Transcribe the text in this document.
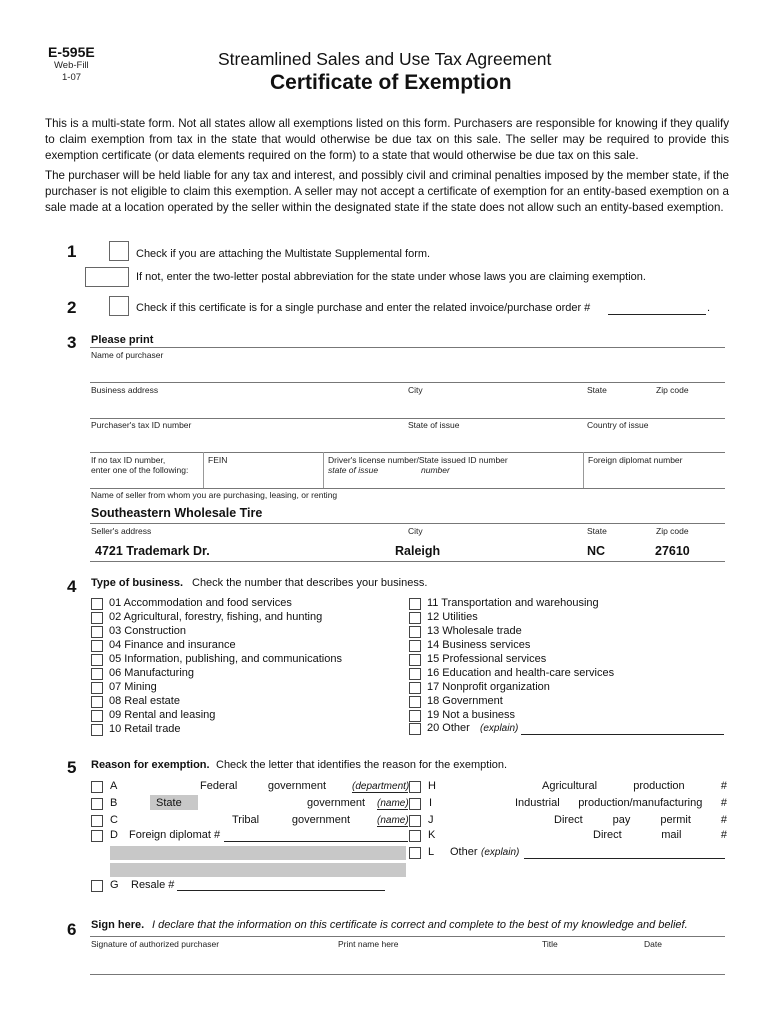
E-595E
Web-Fill
1-07
Streamlined Sales and Use Tax Agreement
Certificate of Exemption
This is a multi-state form. Not all states allow all exemptions listed on this form. Purchasers are responsible for knowing if they qualify to claim exemption from tax in the state that would otherwise be due tax on this sale. The seller may be required to provide this exemption certificate (or data elements required on the form) to a state that would otherwise be due tax on this sale.
The purchaser will be held liable for any tax and interest, and possibly civil and criminal penalties imposed by the member state, if the purchaser is not eligible to claim this exemption. A seller may not accept a certificate of exemption for an entity-based exemption on a sale made at a location operated by the seller within the designated state if the state does not allow such an entity-based exemption.
1	Check if you are attaching the Multistate Supplemental form.
If not, enter the two-letter postal abbreviation for the state under whose laws you are claiming exemption.
2	Check if this certificate is for a single purchase and enter the related invoice/purchase order #	.
3 Please print
Name of purchaser
Business address	City	State	Zip code
Purchaser's tax ID number	State of issue	Country of issue
If no tax ID number,
enter one of the following:
FEIN	Driver's license number/State issued ID number
state of issue	number
Foreign diplomat number
Name of seller from whom you are purchasing, leasing, or renting
Southeastern Wholesale Tire
Seller's address	City	State	Zip code
4721 Trademark Dr.	Raleigh	NC	27610
4 Type of business. Check the number that describes your business.
01 Accommodation and food services
02 Agricultural, forestry, fishing, and hunting
03 Construction
04 Finance and insurance
05 Information, publishing, and communications
06 Manufacturing
07 Mining
08 Real estate
09 Rental and leasing
10 Retail trade
11 Transportation and warehousing
12 Utilities
13 Wholesale trade
14 Business services
15 Professional services
16 Education and health-care services
17 Nonprofit organization
18 Government
19 Not a business
20 Other (explain)
5 Reason for exemption. Check the letter that identifies the reason for the exemption.
A	Federal	government	(department)
B	State	government (name)
C	Tribal	government	(name)
D Foreign diplomat #
G Resale #
H	Agricultural	production	#
I	Industrial production/manufacturing #
J	Direct	pay	permit	#
K	Direct	mail	#
L Other (explain)
6 Sign here. I declare that the information on this certificate is correct and complete to the best of my knowledge and belief.
Signature of authorized purchaser	Print name here	Title	Date
